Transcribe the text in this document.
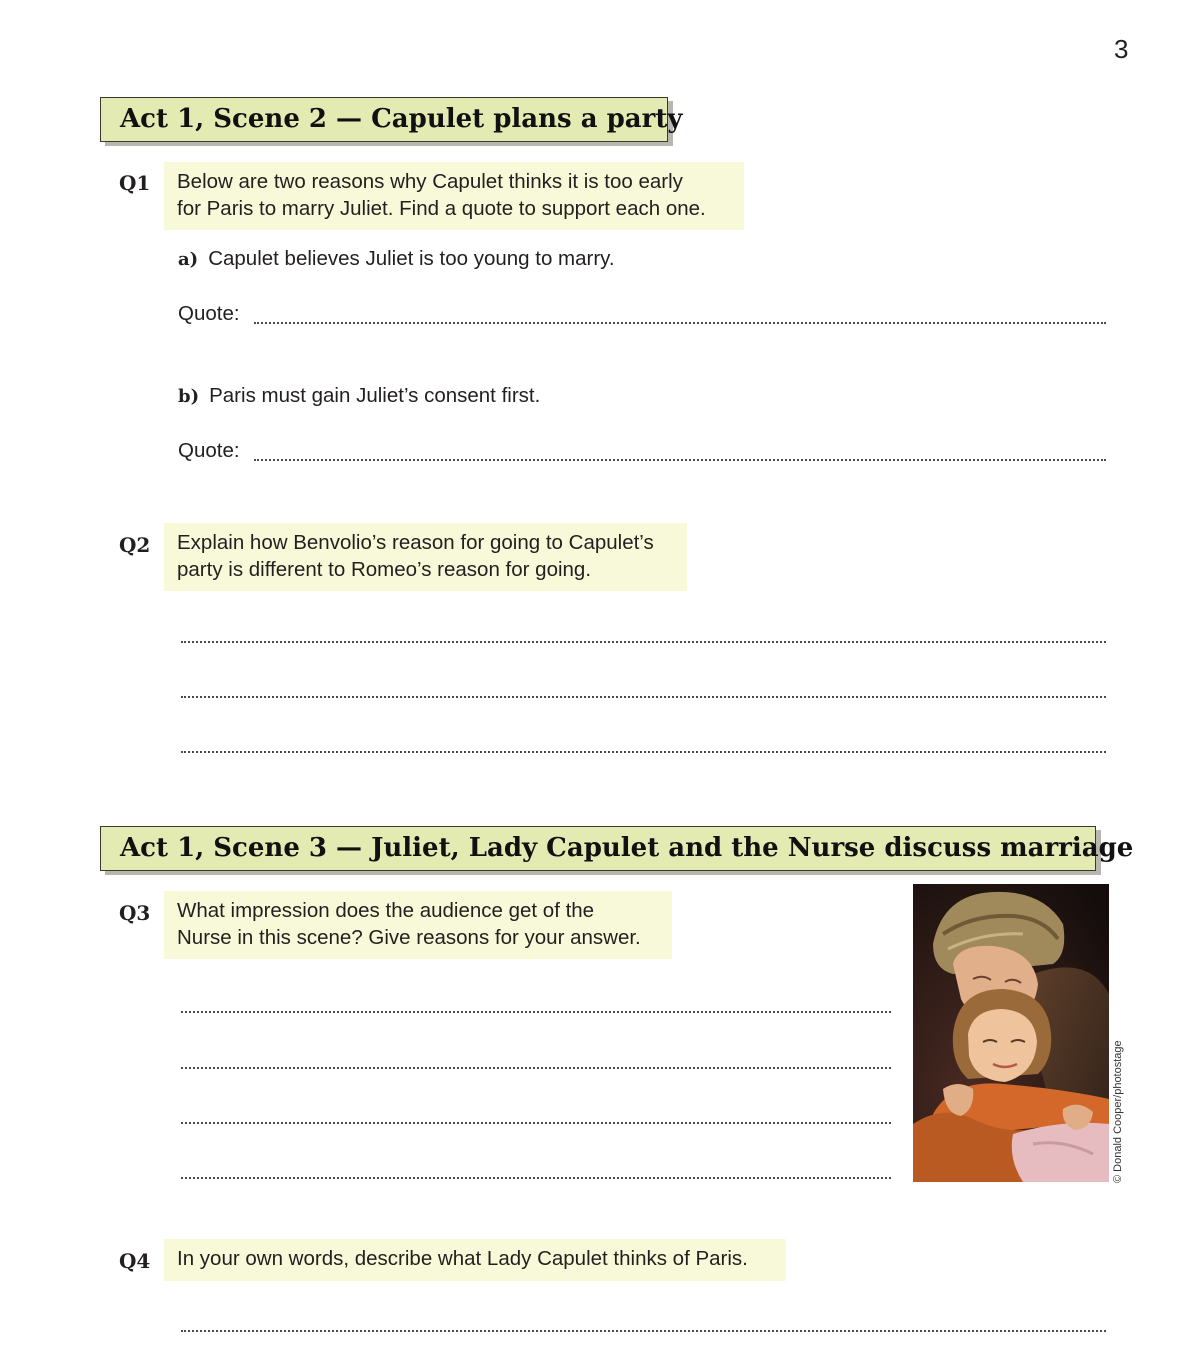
3
Act 1, Scene 2 — Capulet plans a party
Q1 Below are two reasons why Capulet thinks it is too early
for Paris to marry Juliet. Find a quote to support each one.
a) Capulet believes Juliet is too young to marry.
Quote:
b) Paris must gain Juliet’s consent first.
Quote:
Q2 Explain how Benvolio’s reason for going to Capulet’s
party is different to Romeo’s reason for going.
Act 1, Scene 3 — Juliet, Lady Capulet and the Nurse discuss marriage
Q3 What impression does the audience get of the
Nurse in this scene? Give reasons for your answer.
© Donald Cooper/photostage
Q4 In your own words, describe what Lady Capulet thinks of Paris.
